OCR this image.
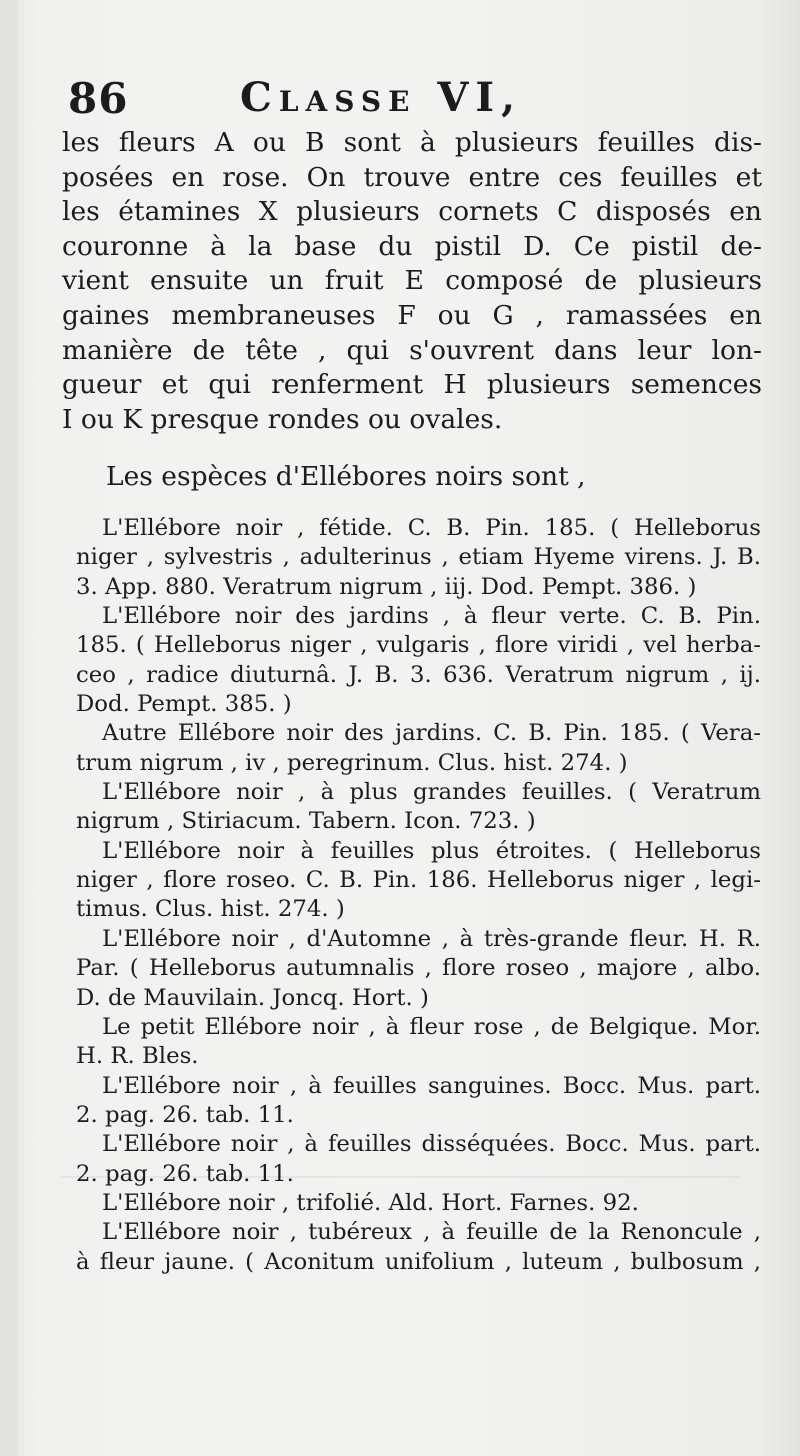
86	Classe VI,

les fleurs A ou B sont à plusieurs feuilles dis-

posées en rose. On trouve entre ces feuilles et

les étamines X plusieurs cornets C disposés en

couronne à la base du pistil D. Ce pistil de-

vient ensuite un fruit E composé de plusieurs

gaines membraneuses F ou G , ramassées en

manière de tête , qui s'ouvrent dans leur lon-

gueur et qui renferment H plusieurs semences

I ou K presque rondes ou ovales.

Les espèces d'Ellébores noirs sont ,

L'Ellébore noir , fétide. C. B. Pin. 185. ( Helleborus

niger , sylvestris , adulterinus , etiam Hyeme virens. J. B.

3. App. 880. Veratrum nigrum , iij. Dod. Pempt. 386. )

L'Ellébore noir des jardins , à fleur verte. C. B. Pin.

185. ( Helleborus niger , vulgaris , flore viridi , vel herba-

ceo , radice diuturnâ. J. B. 3. 636. Veratrum nigrum , ij.

Dod. Pempt. 385. )

Autre Ellébore noir des jardins. C. B. Pin. 185. ( Vera-

trum nigrum , iv , peregrinum. Clus. hist. 274. )

L'Ellébore noir , à plus grandes feuilles. ( Veratrum

nigrum , Stiriacum. Tabern. Icon. 723. )

L'Ellébore noir à feuilles plus étroites. ( Helleborus

niger , flore roseo. C. B. Pin. 186. Helleborus niger , legi-

timus. Clus. hist. 274. )

L'Ellébore noir , d'Automne , à très-grande fleur. H. R.

Par. ( Helleborus autumnalis , flore roseo , majore , albo.

D. de Mauvilain. Joncq. Hort. )

Le petit Ellébore noir , à fleur rose , de Belgique. Mor.

H. R. Bles.

L'Ellébore noir , à feuilles sanguines. Bocc. Mus. part.

2. pag. 26. tab. 11.

L'Ellébore noir , à feuilles disséquées. Bocc. Mus. part.

2. pag. 26. tab. 11.

L'Ellébore noir , trifolié. Ald. Hort. Farnes. 92.

L'Ellébore noir , tubéreux , à feuille de la Renoncule ,

à fleur jaune. ( Aconitum unifolium , luteum , bulbosum ,
